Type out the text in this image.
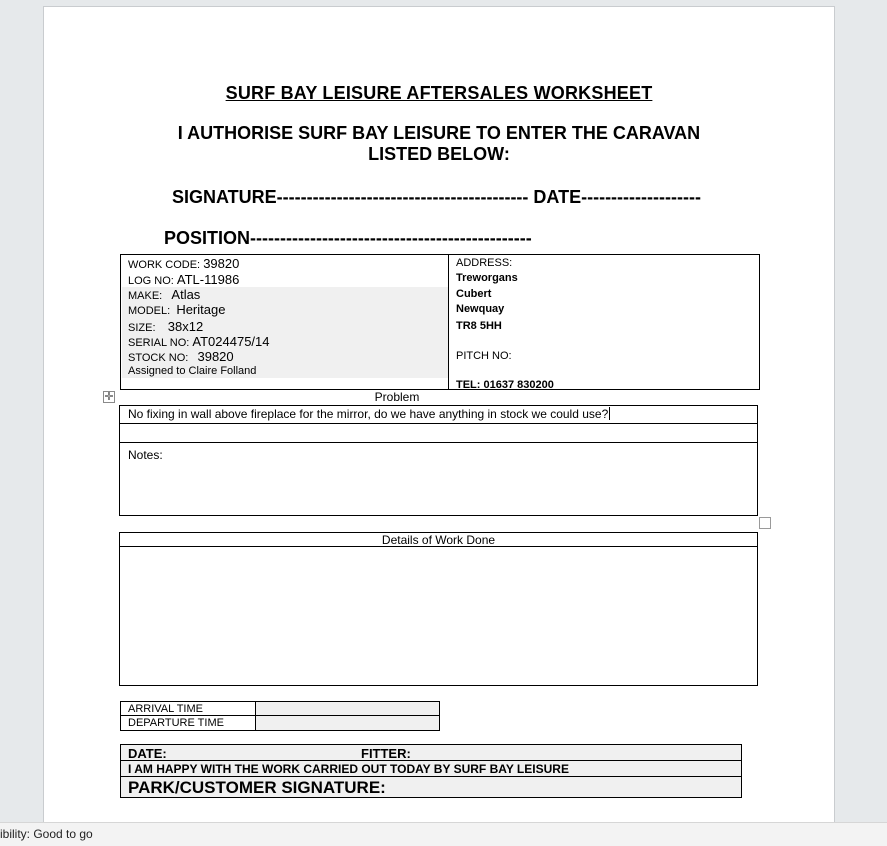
SURF BAY LEISURE AFTERSALES WORKSHEET
I AUTHORISE SURF BAY LEISURE TO ENTER THE CARAVAN
LISTED BELOW:
SIGNATURE------------------------------------------ DATE--------------------
POSITION-----------------------------------------------
WORK CODE: 39820
LOG NO: ATL-11986
MAKE: Atlas
MODEL: Heritage
SIZE: 38x12
SERIAL NO: AT024475/14
STOCK NO: 39820
Assigned to Claire Folland
ADDRESS:
Treworgans
Cubert
Newquay
TR8 5HH
PITCH NO:
TEL: 01637 830200
✛	Problem
No fixing in wall above fireplace for the mirror, do we have anything in stock we could use?
Notes:
Details of Work Done
ARRIVAL TIME
DEPARTURE TIME
DATE:	FITTER:
I AM HAPPY WITH THE WORK CARRIED OUT TODAY BY SURF BAY LEISURE
PARK/CUSTOMER SIGNATURE:
ibility: Good to go
